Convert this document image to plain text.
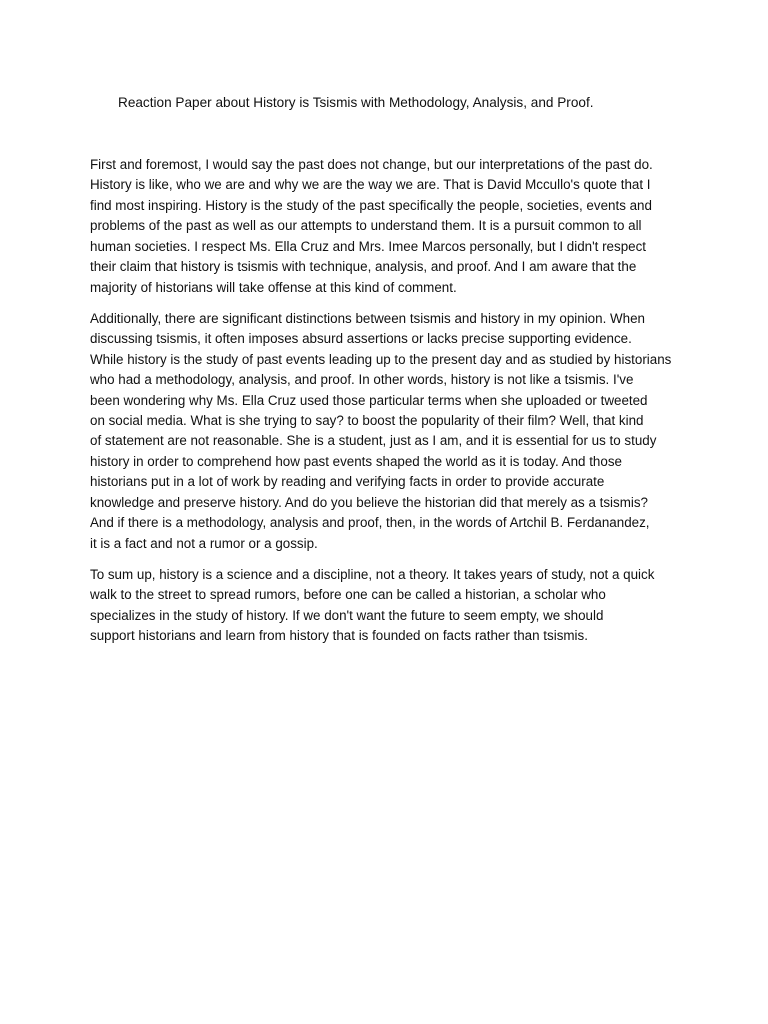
Reaction Paper about History is Tsismis with Methodology, Analysis, and Proof.

First and foremost, I would say the past does not change, but our interpretations of the past do.
History is like, who we are and why we are the way we are. That is David Mccullo's quote that I
find most inspiring. History is the study of the past specifically the people, societies, events and
problems of the past as well as our attempts to understand them. It is a pursuit common to all
human societies. I respect Ms. Ella Cruz and Mrs. Imee Marcos personally, but I didn't respect
their claim that history is tsismis with technique, analysis, and proof. And I am aware that the
majority of historians will take offense at this kind of comment.

Additionally, there are significant distinctions between tsismis and history in my opinion. When
discussing tsismis, it often imposes absurd assertions or lacks precise supporting evidence.
While history is the study of past events leading up to the present day and as studied by historians
who had a methodology, analysis, and proof. In other words, history is not like a tsismis. I've
been wondering why Ms. Ella Cruz used those particular terms when she uploaded or tweeted
on social media. What is she trying to say? to boost the popularity of their film? Well, that kind
of statement are not reasonable. She is a student, just as I am, and it is essential for us to study
history in order to comprehend how past events shaped the world as it is today. And those
historians put in a lot of work by reading and verifying facts in order to provide accurate
knowledge and preserve history. And do you believe the historian did that merely as a tsismis?
And if there is a methodology, analysis and proof, then, in the words of Artchil B. Ferdanandez,
it is a fact and not a rumor or a gossip.

To sum up, history is a science and a discipline, not a theory. It takes years of study, not a quick
walk to the street to spread rumors, before one can be called a historian, a scholar who
specializes in the study of history. If we don't want the future to seem empty, we should
support historians and learn from history that is founded on facts rather than tsismis.
